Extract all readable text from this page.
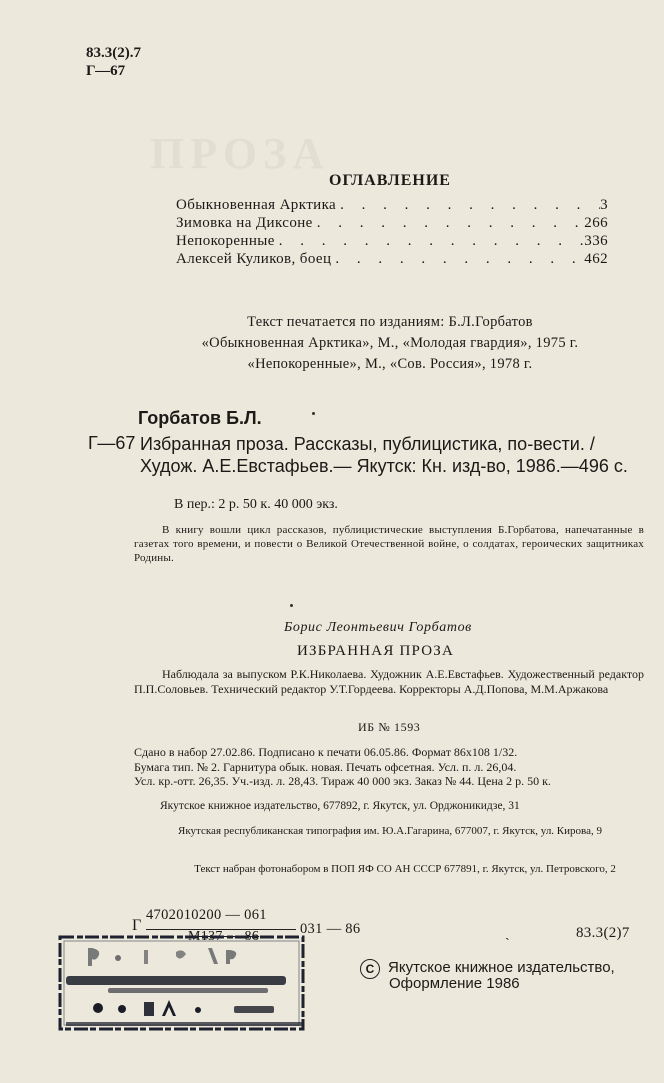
ПРОЗА
83.3(2).7
Г—67
ОГЛАВЛЕНИЕ
Обыкновенная Арктика . . .	3
Зимовка на Диксоне . . .	266
Непокоренные . . .	336
Алексей Куликов, боец . . .	462
Текст печатается по изданиям: Б.Л.Горбатов
«Обыкновенная Арктика», М., «Молодая гвардия», 1975 г.
«Непокоренные», М., «Сов. Россия», 1978 г.
Горбатов Б.Л.
Г—67 Избранная проза. Рассказы, публицистика, по-вести. /Худож. А.Е.Евстафьев.— Якутск: Кн. изд-во, 1986.—496 с.
В пер.: 2 р. 50 к. 40 000 экз.
В книгу вошли цикл рассказов, публицистические выступления Б.Горбатова, напечатанные в газетах того времени, и повести о Великой Отечественной войне, о солдатах, героических защитниках Родины.
Борис Леонтьевич Горбатов
ИЗБРАННАЯ ПРОЗА
Наблюдала за выпуском Р.К.Николаева. Художник А.Е.Евстафьев. Художественный редактор П.П.Соловьев. Технический редактор У.Т.Гордеева. Корректоры А.Д.Попова, М.М.Аржакова
ИБ № 1593
Сдано в набор 27.02.86. Подписано к печати 06.05.86. Формат 86х108 1/32.
Бумага тип. № 2. Гарнитура обык. новая. Печать офсетная. Усл. п. л. 26,04.
Усл. кр.-отт. 26,35. Уч.-изд. л. 28,43. Тираж 40 000 экз. Заказ № 44. Цена 2 р. 50 к.
Якутское книжное издательство, 677892, г. Якутск, ул. Орджоникидзе, 31
Якутская республиканская типография им. Ю.А.Гагарина, 677007, г. Якутск, ул. Кирова, 9
Текст набран фотонабором в ПОП ЯФ СО АН СССР 677891, г. Якутск, ул. Петровского, 2
Г
4702010200 — 061
М137 — 86	031 — 86	ˎ	83.3(2)7
C Якутское книжное издательство,
Оформление 1986
